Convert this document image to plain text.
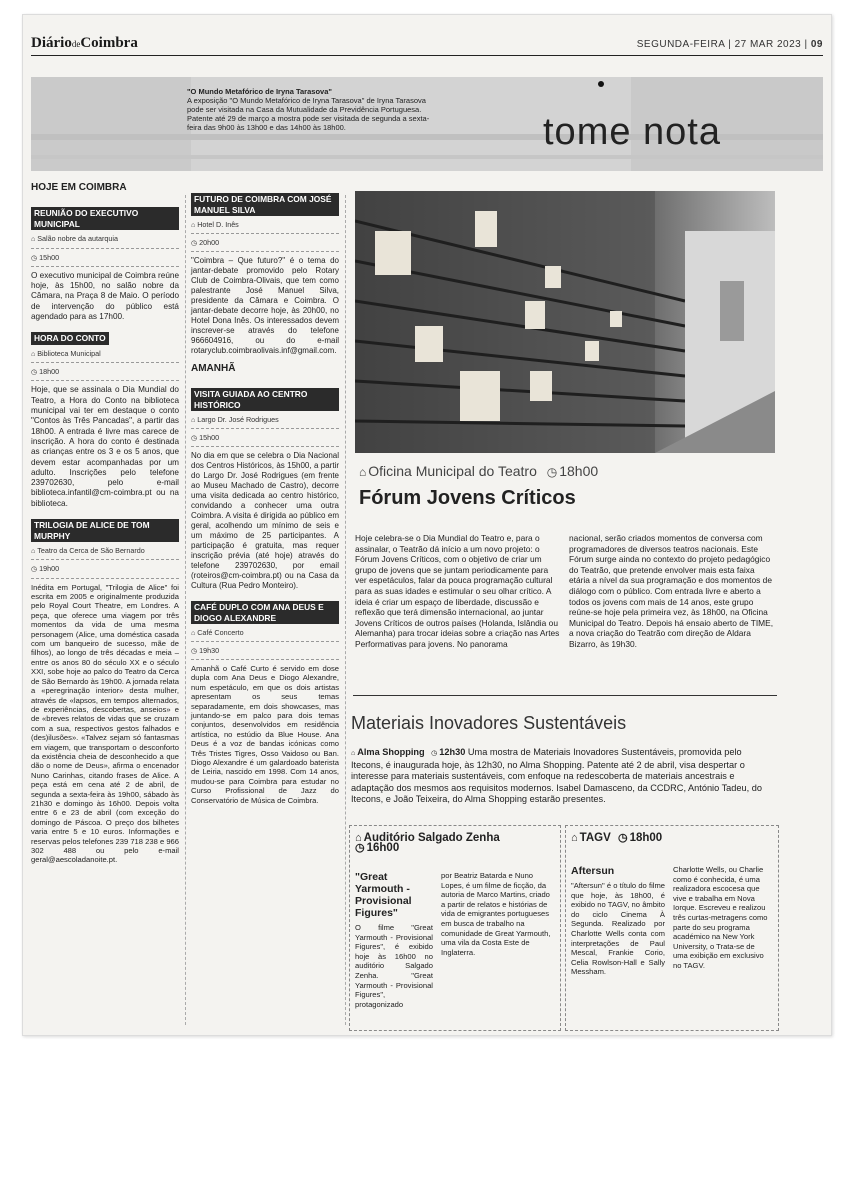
DiáriodeCoimbra	SEGUNDA-FEIRA | 27 MAR 2023 | 09
"O Mundo Metafórico de Iryna Tarasova"
A exposição "O Mundo Metafórico de Iryna Tarasova" de Iryna Tarasova pode ser visitada na Casa da Mutualidade da Previdência Portuguesa. Patente até 29 de março a mostra pode ser visitada de segunda a sexta-feira das 9h00 às 13h00 e das 14h00 às 18h00.	tome nota
HOJE EM COIMBRA
REUNIÃO DO EXECUTIVO MUNICIPAL
⌂ Salão nobre da autarquia
◷ 15h00
O executivo municipal de Coimbra reúne hoje, às 15h00, no salão nobre da Câmara, na Praça 8 de Maio. O período de intervenção do público está agendado para as 17h00.
HORA DO CONTO
⌂ Biblioteca Municipal
◷ 18h00
Hoje, que se assinala o Dia Mundial do Teatro, a Hora do Conto na biblioteca municipal vai ter em destaque o conto "Contos às Três Pancadas", a partir das 18h00. A entrada é livre mas carece de inscrição. A hora do conto é destinada as crianças entre os 3 e os 5 anos, que devem estar acompanhadas por um adulto. Inscrições pelo telefone 239702630, pelo e-mail biblioteca.infantil@cm-coimbra.pt ou na biblioteca.
TRILOGIA DE ALICE DE TOM MURPHY
⌂ Teatro da Cerca de São Bernardo
◷ 19h00
Inédita em Portugal, "Trilogia de Alice" foi escrita em 2005 e originalmente produzida pelo Royal Court Theatre, em Londres. A peça, que oferece uma viagem por três momentos da vida de uma mesma personagem (Alice, uma doméstica casada com um banqueiro de sucesso, mãe de filhos), ao longo de três décadas e meia – entre os anos 80 do século XX e o século XXI, sobe hoje ao palco do Teatro da Cerca de São Bernardo às 19h00. A jornada relata a «peregrinação interior» desta mulher, através de «lapsos, em tempos alternados, de experiências, descobertas, anseios» e de «breves relatos de vidas que se cruzam com a sua, respectivos gestos falhados e (des)ilusões». «Talvez sejam só fantasmas em viagem, que transportam o desconforto da existência cheia de desconhecido a que dão o nome de Deus», afirma o encenador Nuno Carinhas, citando frases de Alice. A peça está em cena até 2 de abril, de segunda a sexta-feira às 19h00, sábado às 21h30 e domingo às 16h00. Depois volta entre 6 e 23 de abril (com exceção do domingo de Páscoa. O preço dos bilhetes varia entre 5 e 10 euros. Informações e reservas pelos telefones 239 718 238 e 966 302 488 ou pelo e-mail geral@aescoladanoite.pt.
FUTURO DE COIMBRA COM JOSÉ MANUEL SILVA
⌂ Hotel D. Inês
◷ 20h00
"Coimbra – Que futuro?" é o tema do jantar-debate promovido pelo Rotary Club de Coimbra-Olivais, que tem como palestrante José Manuel Silva, presidente da Câmara e Coimbra. O jantar-debate decorre hoje, às 20h00, no Hotel Dona Inês. Os interessados devem inscrever-se através do telefone 966604916, ou do e-mail rotaryclub.coimbraolivais.inf@gmail.com.
AMANHÃ
VISITA GUIADA AO CENTRO HISTÓRICO
⌂ Largo Dr. José Rodrigues
◷ 15h00
No dia em que se celebra o Dia Nacional dos Centros Históricos, às 15h00, a partir do Largo Dr. José Rodrigues (em frente ao Museu Machado de Castro), decorre uma visita dedicada ao centro histórico, convidando a conhecer uma outra Coimbra. A visita é dirigida ao público em geral, acolhendo um mínimo de seis e um máximo de 25 participantes. A participação é gratuita, mas requer inscrição prévia (até hoje) através do telefone 239702630, por email (roteiros@cm-coimbra.pt) ou na Casa da Cultura (Rua Pedro Monteiro).
CAFÉ DUPLO COM ANA DEUS E DIOGO ALEXANDRE
⌂ Café Concerto
◷ 19h30
Amanhã o Café Curto é servido em dose dupla com Ana Deus e Diogo Alexandre, num espetáculo, em que os dois artistas apresentam os seus temas separadamente, em dois showcases, mas juntando-se em palco para dois temas conjuntos, desenvolvidos em residência artística, no estúdio da Blue House. Ana Deus é a voz de bandas icónicas como Três Tristes Tigres, Osso Vaidoso ou Ban. Diogo Alexandre é um galardoado baterista de Leiria, nascido em 1998. Com 14 anos, mudou-se para Coimbra para estudar no Curso Profissional de Jazz do Conservatório de Música de Coimbra.
⌂ Oficina Municipal do Teatro ◷ 18h00
Fórum Jovens Críticos
Hoje celebra-se o Dia Mundial do Teatro e, para o assinalar, o Teatrão dá início a um novo projeto: o Fórum Jovens Críticos, com o objetivo de criar um grupo de jovens que se juntam periodicamente para ver espetáculos, falar da pouca programação cultural para as suas idades e estimular o seu olhar crítico. A ideia é criar um espaço de liberdade, discussão e reflexão que terá dimensão internacional, ao juntar Jovens Críticos de outros países (Holanda, Islândia ou Alemanha) para trocar ideias sobre a criação nas Artes Performativas para jovens. No panorama
nacional, serão criados momentos de conversa com programadores de diversos teatros nacionais. Este Fórum surge ainda no contexto do projeto pedagógico do Teatrão, que pretende envolver mais esta faixa etária a nível da sua programação e dos momentos de diálogo com o público. Com entrada livre e aberto a todos os jovens com mais de 14 anos, este grupo reúne-se hoje pela primeira vez, às 18h00, na Oficina Municipal do Teatro. Depois há ensaio aberto de TIME, a nova criação do Teatrão com direção de Aldara Bizarro, às 19h30.
Materiais Inovadores Sustentáveis
⌂ Alma Shopping ◷ 12h30 Uma mostra de Materiais Inovadores Sustentáveis, promovida pelo Itecons, é inaugurada hoje, às 12h30, no Alma Shopping. Patente até 2 de abril, visa despertar o interesse para materiais sustentáveis, com enfoque na redescoberta de materiais ancestrais e adaptação dos mesmos aos requisitos modernos. Isabel Damasceno, da CCDRC, António Tadeu, do Itecons, e João Teixeira, do Alma Shopping estarão presentes.
⌂ Auditório Salgado Zenha
◷ 16h00
"Great Yarmouth - Provisional Figures"
O filme "Great Yarmouth - Provisional Figures", é exibido hoje às 16h00 no auditório Salgado Zenha. "Great Yarmouth - Provisional Figures", protagonizado
por Beatriz Batarda e Nuno Lopes, é um filme de ficção, da autoria de Marco Martins, criado a partir de relatos e histórias de vida de emigrantes portugueses em busca de trabalho na comunidade de Great Yarmouth, uma vila da Costa Este de Inglaterra.
⌂ TAGV ◷ 18h00
Aftersun
"Aftersun" é o título do filme que hoje, às 18h00, é exibido no TAGV, no âmbito do ciclo Cinema À Segunda. Realizado por Charlotte Wells conta com interpretações de Paul Mescal, Frankie Corio, Celia Rowlson-Hall e Sally Messham.
Charlotte Wells, ou Charlie como é conhecida, é uma realizadora escocesa que vive e trabalha em Nova Iorque. Escreveu e realizou três curtas-metragens como parte do seu programa académico na New York University, o Trata-se de uma exibição em exclusivo no TAGV.
